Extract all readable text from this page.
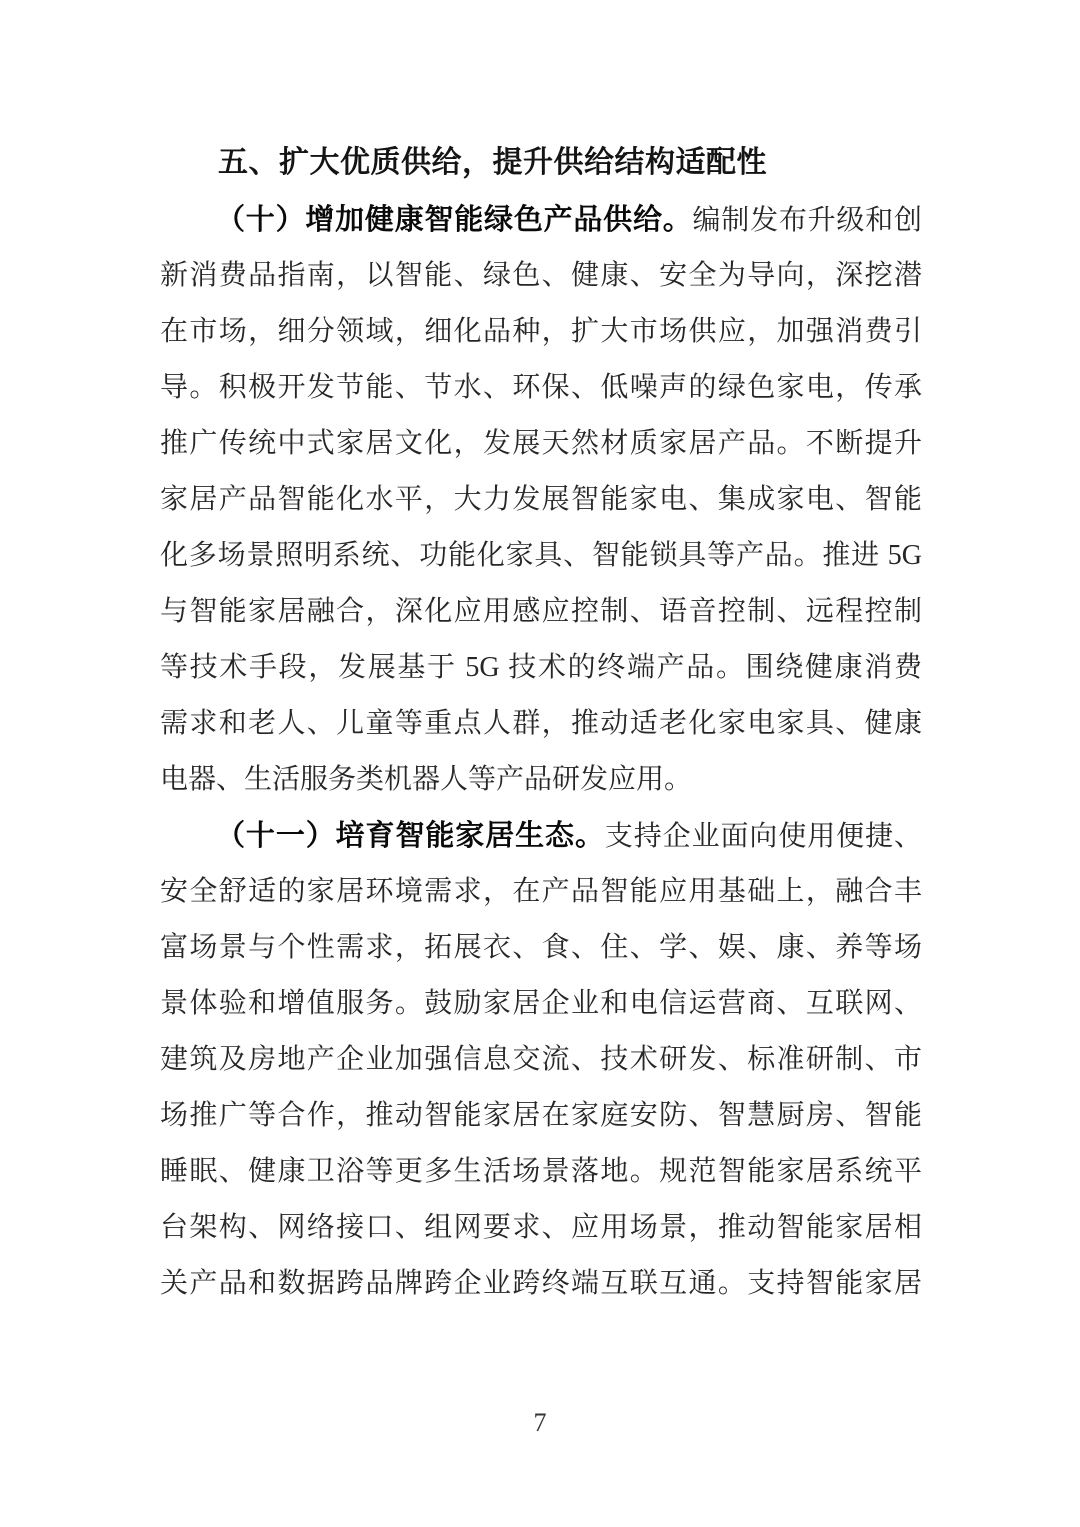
五、扩大优质供给，提升供给结构适配性
（十）增加健康智能绿色产品供给。编制发布升级和创
新消费品指南，以智能、绿色、健康、安全为导向，深挖潜
在市场，细分领域，细化品种，扩大市场供应，加强消费引
导。积极开发节能、节水、环保、低噪声的绿色家电，传承
推广传统中式家居文化，发展天然材质家居产品。不断提升
家居产品智能化水平，大力发展智能家电、集成家电、智能
化多场景照明系统、功能化家具、智能锁具等产品。推进 5G
与智能家居融合，深化应用感应控制、语音控制、远程控制
等技术手段，发展基于 5G 技术的终端产品。围绕健康消费
需求和老人、儿童等重点人群，推动适老化家电家具、健康
电器、生活服务类机器人等产品研发应用。
（十一）培育智能家居生态。支持企业面向使用便捷、
安全舒适的家居环境需求，在产品智能应用基础上，融合丰
富场景与个性需求，拓展衣、食、住、学、娱、康、养等场
景体验和增值服务。鼓励家居企业和电信运营商、互联网、
建筑及房地产企业加强信息交流、技术研发、标准研制、市
场推广等合作，推动智能家居在家庭安防、智慧厨房、智能
睡眠、健康卫浴等更多生活场景落地。规范智能家居系统平
台架构、网络接口、组网要求、应用场景，推动智能家居相
关产品和数据跨品牌跨企业跨终端互联互通。支持智能家居
7
